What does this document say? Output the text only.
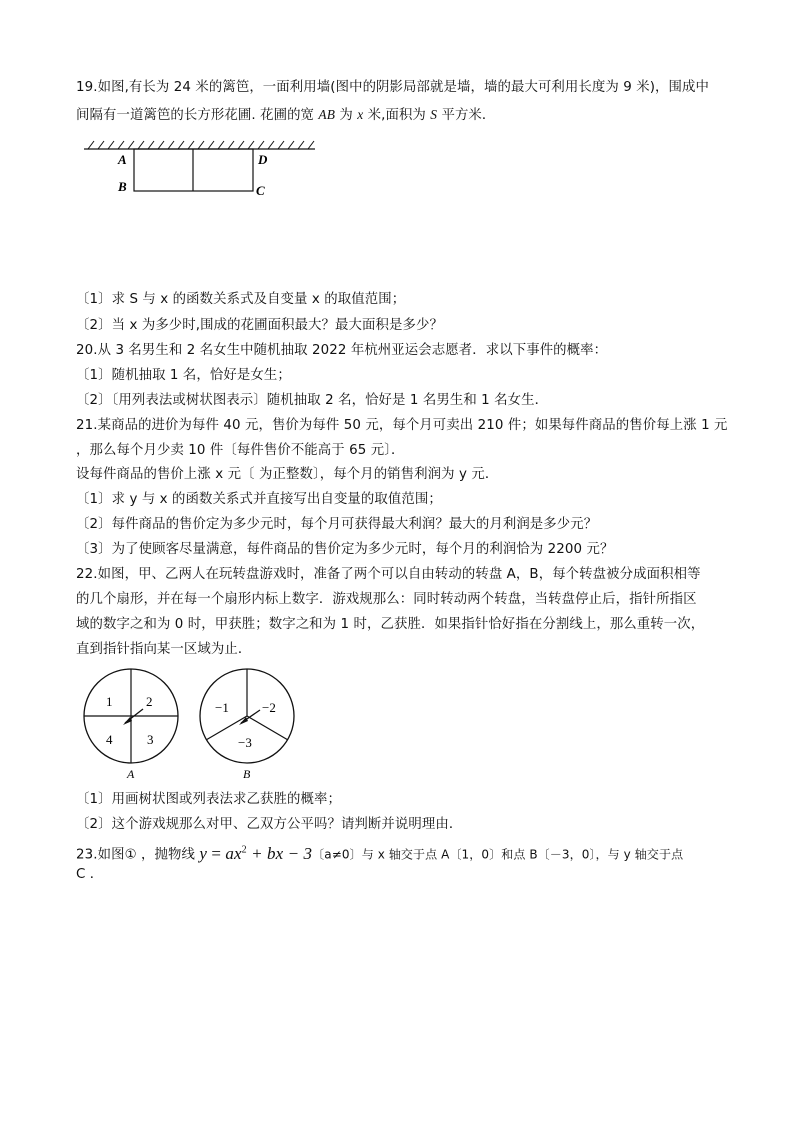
19.如图,有长为 24 米的篱笆，一面利用墙(图中的阴影局部就是墙，墙的最大可利用长度为 9 米)，围成中
间隔有一道篱笆的长方形花圃. 花圃的宽 AB 为 x 米,面积为 S 平方米．
A
B
D
C
〔1〕求 S 与 x 的函数关系式及自变量 x 的取值范围；
〔2〕当 x 为多少时,围成的花圃面积最大？最大面积是多少？
20.从 3 名男生和 2 名女生中随机抽取 2022 年杭州亚运会志愿者．求以下事件的概率：
〔1〕随机抽取 1 名，恰好是女生；
〔2〕〔用列表法或树状图表示〕随机抽取 2 名，恰好是 1 名男生和 1 名女生．
21.某商品的进价为每件 40 元，售价为每件 50 元，每个月可卖出 210 件；如果每件商品的售价每上涨 1 元
，那么每个月少卖 10 件〔每件售价不能高于 65 元〕．
设每件商品的售价上涨 x 元〔 为正整数〕，每个月的销售利润为 y 元．
〔1〕求 y 与 x 的函数关系式并直接写出自变量的取值范围；
〔2〕每件商品的售价定为多少元时，每个月可获得最大利润？最大的月利润是多少元？
〔3〕为了使顾客尽量满意，每件商品的售价定为多少元时，每个月的利润恰为 2200 元？
22.如图，甲、乙两人在玩转盘游戏时，准备了两个可以自由转动的转盘 A，B，每个转盘被分成面积相等
的几个扇形，并在每一个扇形内标上数字．游戏规那么：同时转动两个转盘，当转盘停止后，指针所指区
域的数字之和为 0 时，甲获胜；数字之和为 1 时，乙获胜．如果指针恰好指在分割线上，那么重转一次，
直到指针指向某一区域为止．
1	2
4	3
A
−1	−2
−3
B
〔1〕用画树状图或列表法求乙获胜的概率；
〔2〕这个游戏规那么对甲、乙双方公平吗？请判断并说明理由．
23.如图① ，抛物线 $y = ax^2$ + bx − 3〔a≠0〕与 x 轴交于点 A〔1，0〕和点 B〔－3，0〕，与 y 轴交于点
C ．
